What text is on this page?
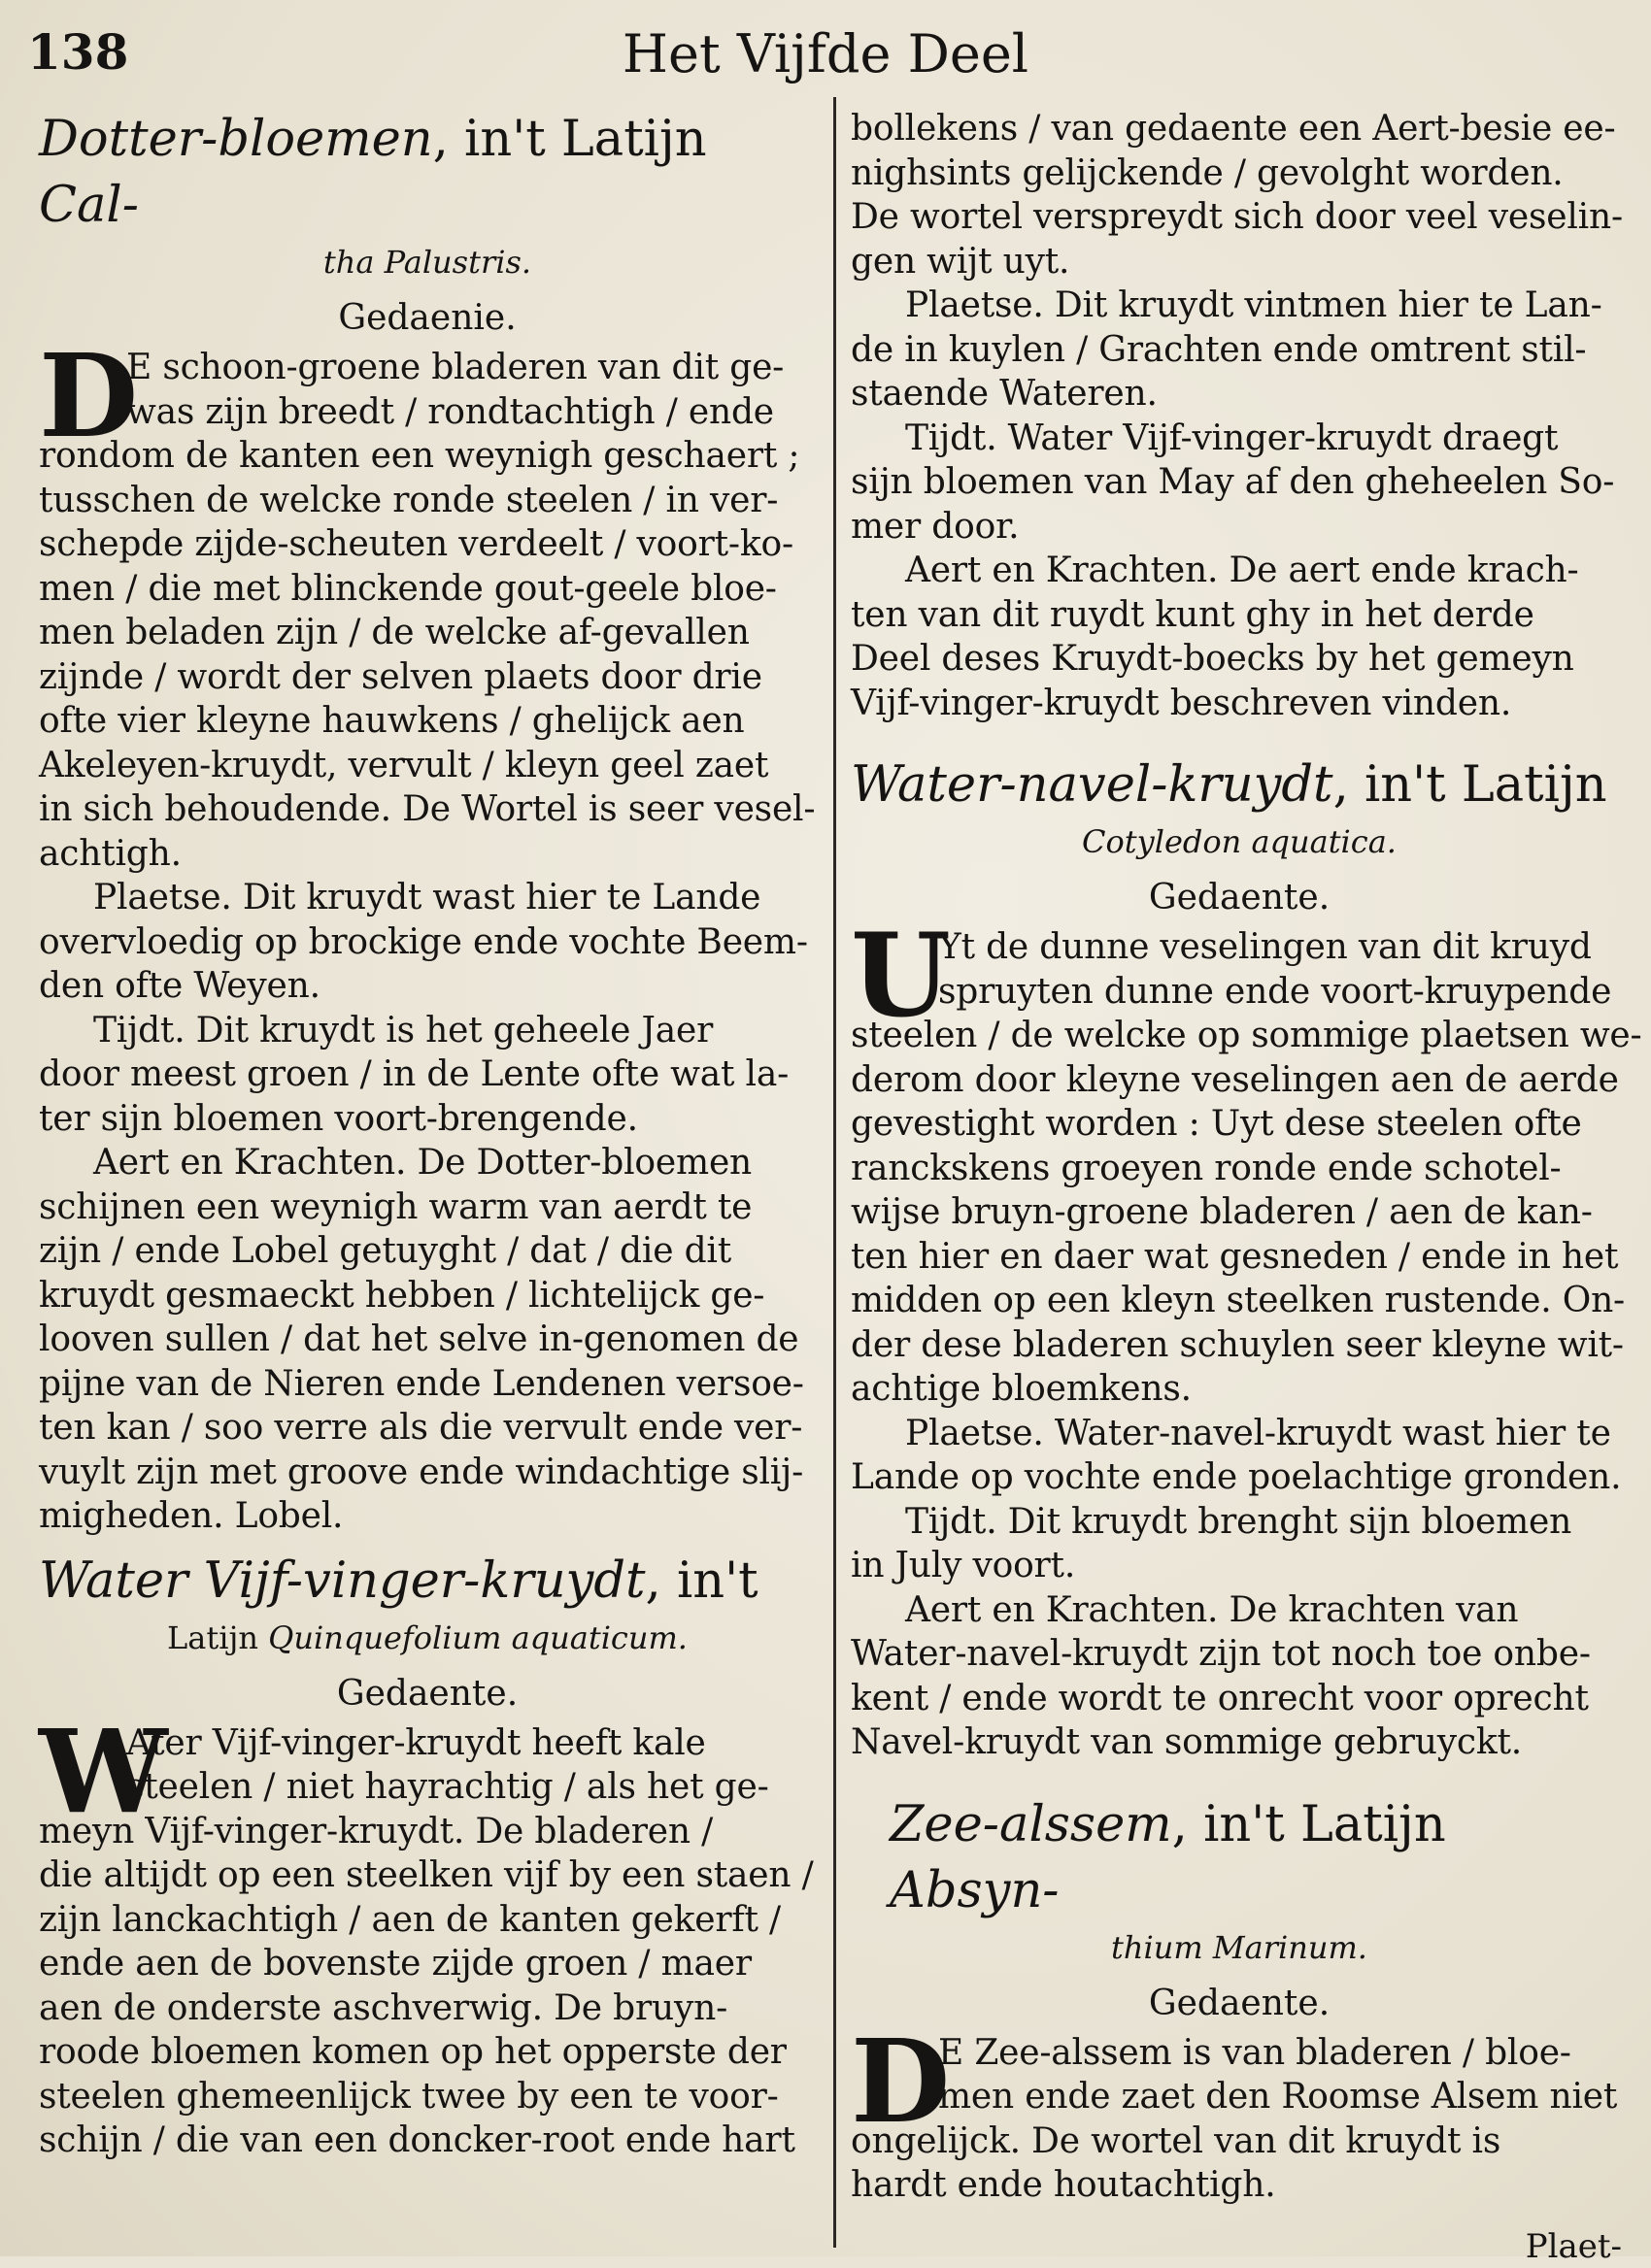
138	Het Vijfde Deel

Dotter-bloemen, in't Latijn Cal-

tha Palustris.

Gedaenie.

D

E schoon-groene bladeren van dit ge-

was zijn breedt / rondtachtigh / ende

rondom de kanten een weynigh geschaert ;

tusschen de welcke ronde steelen / in ver-

schepde zijde-scheuten verdeelt / voort-ko-

men / die met blinckende gout-geele bloe-

men beladen zijn / de welcke af-gevallen

zijnde / wordt der selven plaets door drie

ofte vier kleyne hauwkens / ghelijck aen

Akeleyen-kruydt, vervult / kleyn geel zaet

in sich behoudende. De Wortel is seer vesel-

achtigh.

Plaetse. Dit kruydt wast hier te Lande

overvloedig op brockige ende vochte Beem-

den ofte Weyen.

Tijdt. Dit kruydt is het geheele Jaer

door meest groen / in de Lente ofte wat la-

ter sijn bloemen voort-brengende.

Aert en Krachten. De Dotter-bloemen

schijnen een weynigh warm van aerdt te

zijn / ende Lobel getuyght / dat / die dit

kruydt gesmaeckt hebben / lichtelijck ge-

looven sullen / dat het selve in-genomen de

pijne van de Nieren ende Lendenen versoe-

ten kan / soo verre als die vervult ende ver-

vuylt zijn met groove ende windachtige slij-

migheden. Lobel.

Water Vijf-vinger-kruydt, in't

Latijn Quinquefolium aquaticum.

Gedaente.

W

Ater Vijf-vinger-kruydt heeft kale

steelen / niet hayrachtig / als het ge-

meyn Vijf-vinger-kruydt. De bladeren /

die altijdt op een steelken vijf by een staen /

zijn lanckachtigh / aen de kanten gekerft /

ende aen de bovenste zijde groen / maer

aen de onderste aschverwig. De bruyn-

roode bloemen komen op het opperste der

steelen ghemeenlijck twee by een te voor-

schijn / die van een doncker-root ende hart

bollekens / van gedaente een Aert-besie ee-

nighsints gelijckende / gevolght worden.

De wortel verspreydt sich door veel veselin-

gen wijt uyt.

Plaetse. Dit kruydt vintmen hier te Lan-

de in kuylen / Grachten ende omtrent stil-

staende Wateren.

Tijdt. Water Vijf-vinger-kruydt draegt

sijn bloemen van May af den gheheelen So-

mer door.

Aert en Krachten. De aert ende krach-

ten van dit ruydt kunt ghy in het derde

Deel deses Kruydt-boecks by het gemeyn

Vijf-vinger-kruydt beschreven vinden.

Water-navel-kruydt, in't Latijn

Cotyledon aquatica.

Gedaente.

U

Yt de dunne veselingen van dit kruyd

spruyten dunne ende voort-kruypende

steelen / de welcke op sommige plaetsen we-

derom door kleyne veselingen aen de aerde

gevestight worden : Uyt dese steelen ofte

ranckskens groeyen ronde ende schotel-

wijse bruyn-groene bladeren / aen de kan-

ten hier en daer wat gesneden / ende in het

midden op een kleyn steelken rustende. On-

der dese bladeren schuylen seer kleyne wit-

achtige bloemkens.

Plaetse. Water-navel-kruydt wast hier te

Lande op vochte ende poelachtige gronden.

Tijdt. Dit kruydt brenght sijn bloemen

in July voort.

Aert en Krachten. De krachten van

Water-navel-kruydt zijn tot noch toe onbe-

kent / ende wordt te onrecht voor oprecht

Navel-kruydt van sommige gebruyckt.

Zee-alssem, in't Latijn Absyn-

thium Marinum.

Gedaente.

D

E Zee-alssem is van bladeren / bloe-

men ende zaet den Roomse Alsem niet

ongelijck. De wortel van dit kruydt is

hardt ende houtachtigh.

Plaet-
